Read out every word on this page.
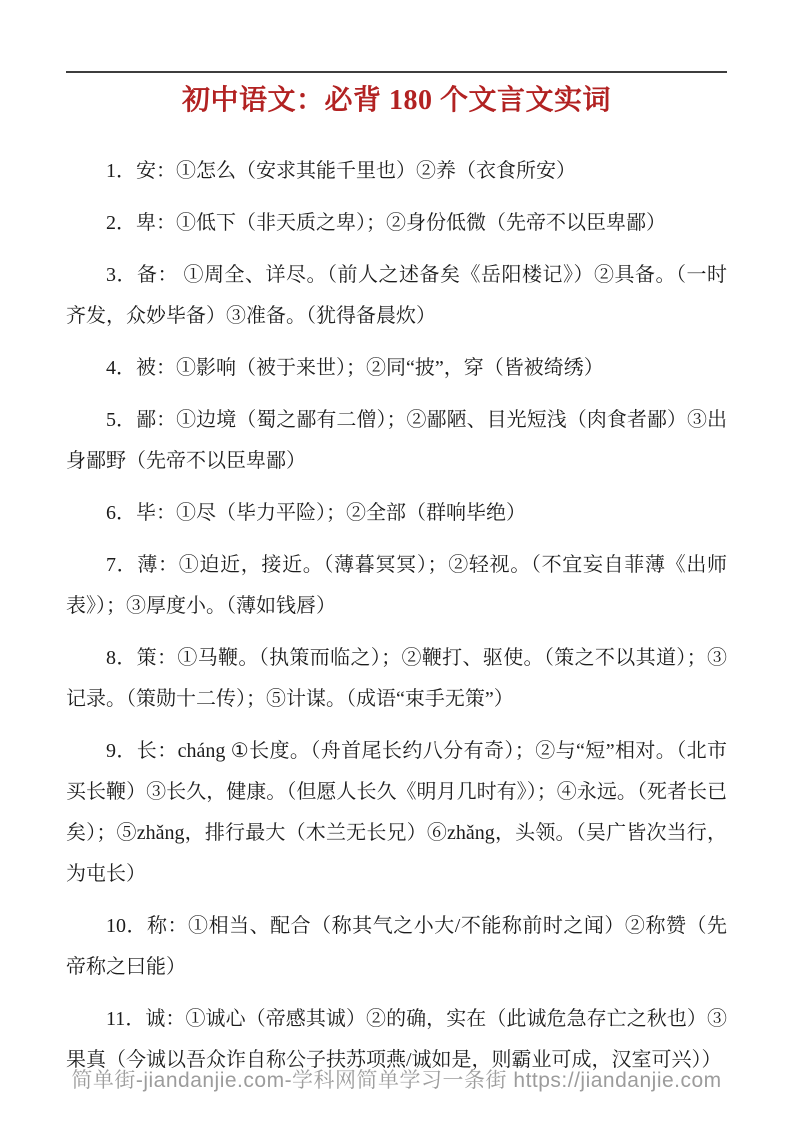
初中语文：必背 180 个文言文实词

1．安：①怎么（安求其能千里也）②养（衣食所安）

2．卑：①低下（非天质之卑）；②身份低微（先帝不以臣卑鄙）

3．备： ①周全、详尽。（前人之述备矣《岳阳楼记》）②具备。（一时齐发，众妙毕备）③准备。（犹得备晨炊）

4．被：①影响（被于来世）；②同“披”，穿（皆被绮绣）

5．鄙：①边境（蜀之鄙有二僧）；②鄙陋、目光短浅（肉食者鄙）③出身鄙野（先帝不以臣卑鄙）

6．毕：①尽（毕力平险）；②全部（群响毕绝）

7．薄：①迫近，接近。（薄暮冥冥）；②轻视。（不宜妄自菲薄《出师表》）；③厚度小。（薄如钱唇）

8．策：①马鞭。（执策而临之）；②鞭打、驱使。（策之不以其道）；③记录。（策勋十二传）；⑤计谋。（成语“束手无策”）

9．长：cháng ①长度。（舟首尾长约八分有奇）；②与“短”相对。（北市买长鞭）③长久，健康。（但愿人长久《明月几时有》）；④永远。（死者长已矣）；⑤zhǎng，排行最大（木兰无长兄）⑥zhǎng，头领。（吴广皆次当行，为屯长）

10．称：①相当、配合（称其气之小大/不能称前时之闻）②称赞（先帝称之曰能）

11．诚：①诚心（帝感其诚）②的确，实在（此诚危急存亡之秋也）③果真（今诚以吾众诈自称公子扶苏项燕/诚如是，则霸业可成，汉室可兴））

简单街-jiandanjie.com-学科网简单学习一条街 https://jiandanjie.com
